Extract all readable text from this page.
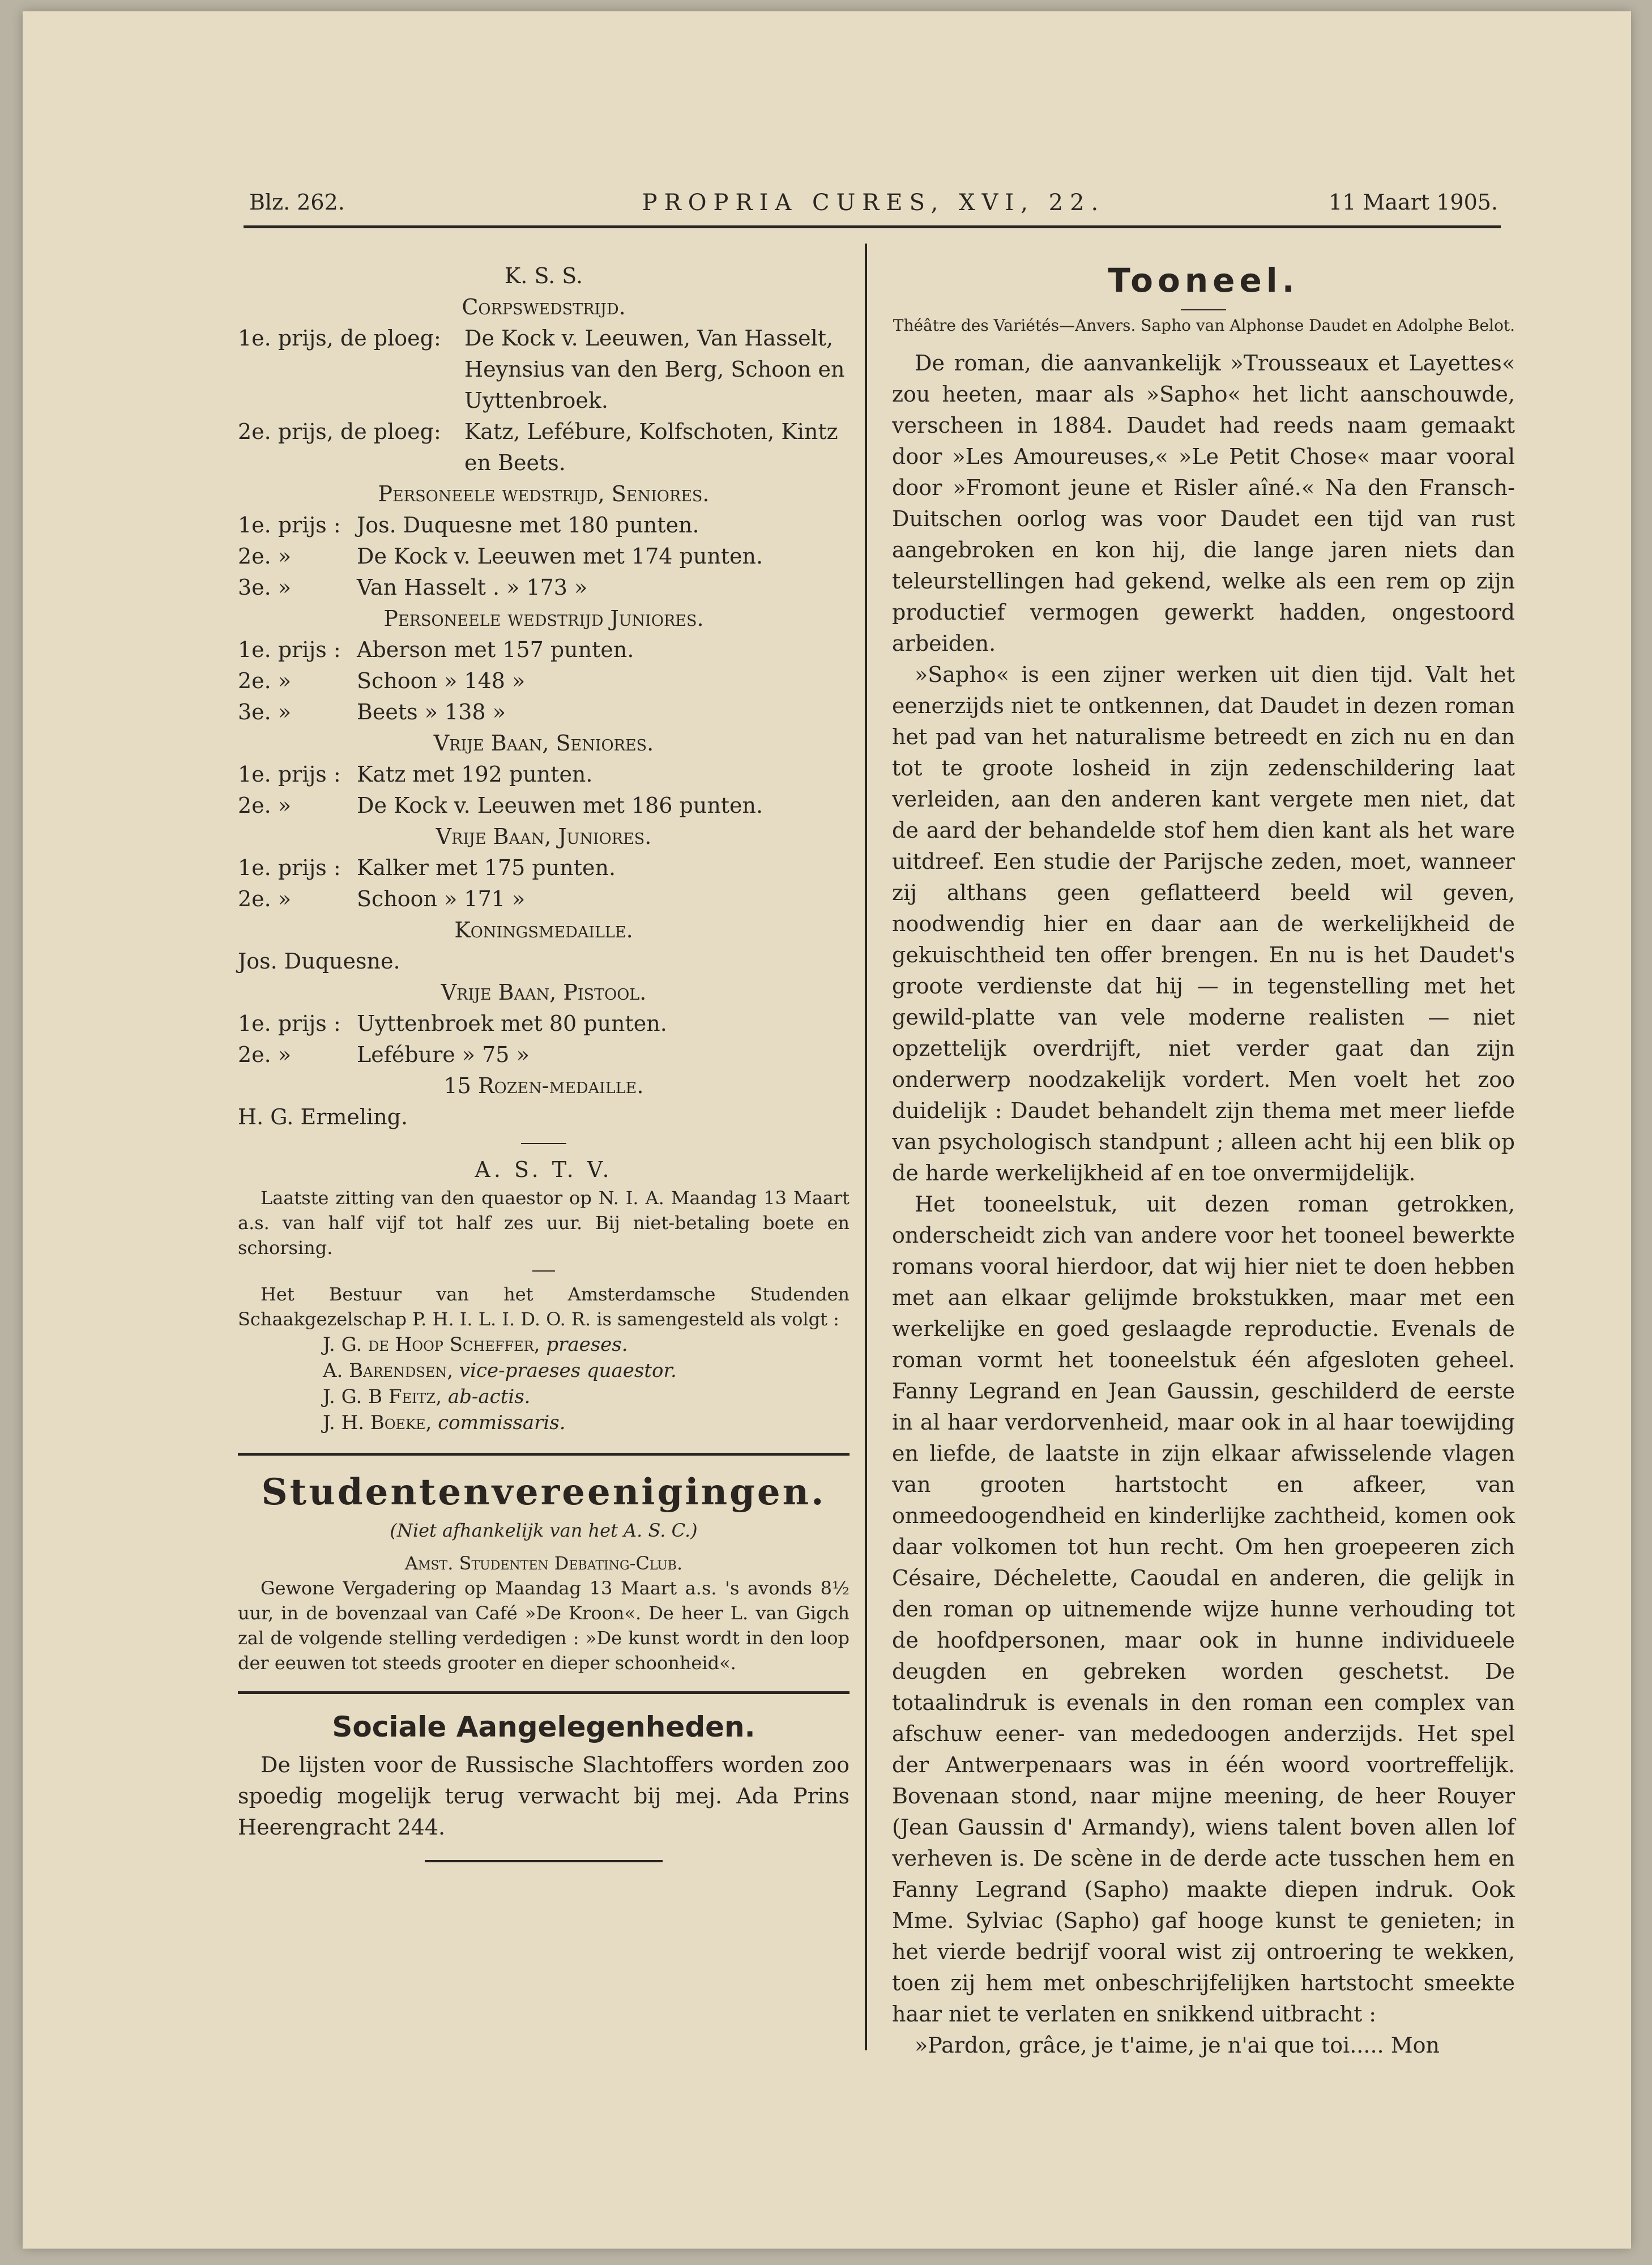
Blz. 262.	PROPRIA CURES, XVI, 22.	11 Maart 1905.
K. S. S.
Corpswedstrijd.
1e. prijs, de ploeg:	De Kock v. Leeuwen, Van Hasselt, Heynsius van den Berg, Schoon en Uyttenbroek.
2e. prijs, de ploeg:	Katz, Lefébure, Kolfschoten, Kintz en Beets.
Personeele wedstrijd, Seniores.
1e. prijs : Jos. Duquesne met 180 punten.
2e. »	De Kock v. Leeuwen met 174 punten.
3e. »	Van Hasselt . » 173 »
Personeele wedstrijd Juniores.
1e. prijs : Aberson met 157 punten.
2e. »	Schoon » 148 »
3e. »	Beets » 138 »
Vrije Baan, Seniores.
1e. prijs : Katz met 192 punten.
2e. »	De Kock v. Leeuwen met 186 punten.
Vrije Baan, Juniores.
1e. prijs : Kalker met 175 punten.
2e. »	Schoon » 171 »
Koningsmedaille.
Jos. Duquesne.
Vrije Baan, Pistool.
1e. prijs : Uyttenbroek met 80 punten.
2e. »	Lefébure » 75 »
15 Rozen-medaille.
H. G. Ermeling.
A. S. T. V.

Laatste zitting van den quaestor op N. I. A. Maandag 13 Maart a.s. van half vijf tot half zes uur. Bij niet-betaling boete en schorsing.

Het Bestuur van het Amsterdamsche Studenden Schaakgezelschap P. H. I. L. I. D. O. R. is samengesteld als volgt :

J. G. de Hoop Scheffer, praeses.
A. Barendsen, vice-praeses quaestor.
J. G. B Feitz, ab-actis.
J. H. Boeke, commissaris.
Studentenvereenigingen.
(Niet afhankelijk van het A. S. C.)
Amst. Studenten Debating-Club.

Gewone Vergadering op Maandag 13 Maart a.s. 's avonds 8½ uur, in de bovenzaal van Café »De Kroon«. De heer L. van Gigch zal de volgende stelling verdedigen : »De kunst wordt in den loop der eeuwen tot steeds grooter en dieper schoonheid«.

Sociale Aangelegenheden.

De lijsten voor de Russische Slachtoffers worden zoo spoedig mogelijk terug verwacht bij mej. Ada Prins Heerengracht 244.

Tooneel.
Théâtre des Variétés—Anvers. Sapho van Alphonse Daudet en Adolphe Belot.

De roman, die aanvankelijk »Trousseaux et Layettes« zou heeten, maar als »Sapho« het licht aanschouwde, verscheen in 1884. Daudet had reeds naam gemaakt door »Les Amoureuses,« »Le Petit Chose« maar vooral door »Fromont jeune et Risler aîné.« Na den Fransch-Duitschen oorlog was voor Daudet een tijd van rust aangebroken en kon hij, die lange jaren niets dan teleurstellingen had gekend, welke als een rem op zijn productief vermogen gewerkt hadden, ongestoord arbeiden.

»Sapho« is een zijner werken uit dien tijd. Valt het eenerzijds niet te ontkennen, dat Daudet in dezen roman het pad van het naturalisme betreedt en zich nu en dan tot te groote losheid in zijn zedenschildering laat verleiden, aan den anderen kant vergete men niet, dat de aard der behandelde stof hem dien kant als het ware uitdreef. Een studie der Parijsche zeden, moet, wanneer zij althans geen geflatteerd beeld wil geven, noodwendig hier en daar aan de werkelijkheid de gekuischtheid ten offer brengen. En nu is het Daudet's groote verdienste dat hij — in tegenstelling met het gewild-platte van vele moderne realisten — niet opzettelijk overdrijft, niet verder gaat dan zijn onderwerp noodzakelijk vordert. Men voelt het zoo duidelijk : Daudet behandelt zijn thema met meer liefde van psychologisch standpunt ; alleen acht hij een blik op de harde werkelijkheid af en toe onvermijdelijk.

Het tooneelstuk, uit dezen roman getrokken, onderscheidt zich van andere voor het tooneel bewerkte romans vooral hierdoor, dat wij hier niet te doen hebben met aan elkaar gelijmde brokstukken, maar met een werkelijke en goed geslaagde reproductie. Evenals de roman vormt het tooneelstuk één afgesloten geheel. Fanny Legrand en Jean Gaussin, geschilderd de eerste in al haar verdorvenheid, maar ook in al haar toewijding en liefde, de laatste in zijn elkaar afwisselende vlagen van grooten hartstocht en afkeer, van onmeedoogendheid en kinderlijke zachtheid, komen ook daar volkomen tot hun recht. Om hen groepeeren zich Césaire, Déchelette, Caoudal en anderen, die gelijk in den roman op uitnemende wijze hunne verhouding tot de hoofdpersonen, maar ook in hunne individueele deugden en gebreken worden geschetst. De totaalindruk is evenals in den roman een complex van afschuw eener- van mededoogen anderzijds. Het spel der Antwerpenaars was in één woord voortreffelijk. Bovenaan stond, naar mijne meening, de heer Rouyer (Jean Gaussin d' Armandy), wiens talent boven allen lof verheven is. De scène in de derde acte tusschen hem en Fanny Legrand (Sapho) maakte diepen indruk. Ook Mme. Sylviac (Sapho) gaf hooge kunst te genieten; in het vierde bedrijf vooral wist zij ontroering te wekken, toen zij hem met onbeschrijfelijken hartstocht smeekte haar niet te verlaten en snikkend uitbracht :

»Pardon, grâce, je t'aime, je n'ai que toi..... Mon
